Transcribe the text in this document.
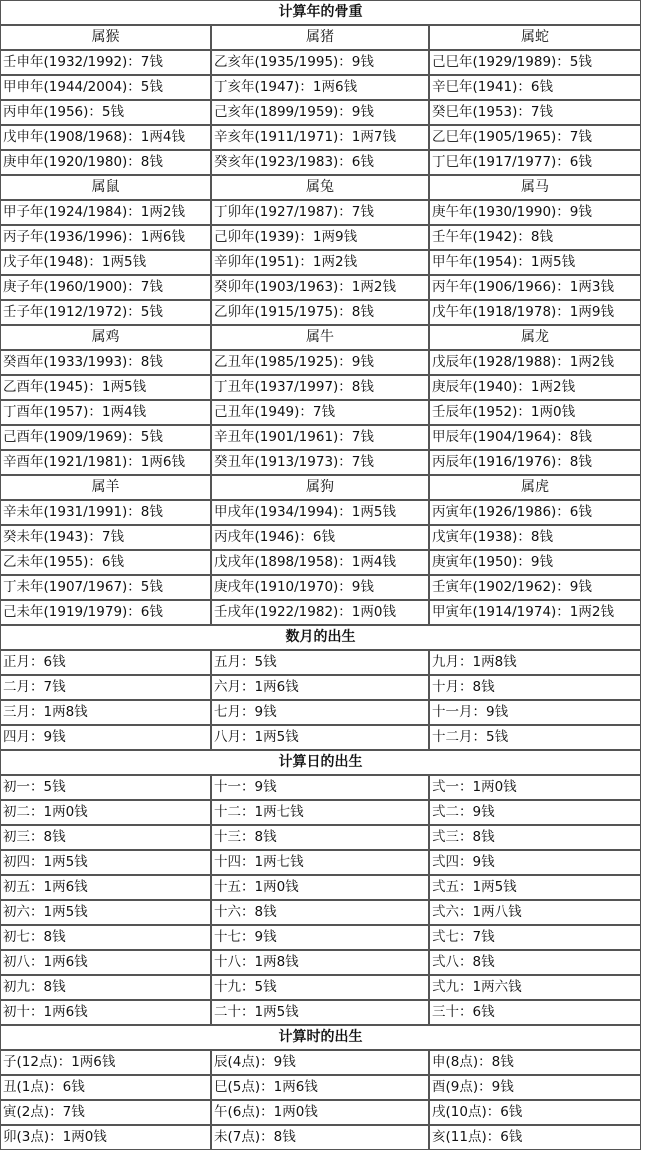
计算年的骨重
属猴	属猪	属蛇
壬申年(1932/1992)：7钱	乙亥年(1935/1995)：9钱	己巳年(1929/1989)：5钱
甲申年(1944/2004)：5钱	丁亥年(1947)：1两6钱	辛巳年(1941)：6钱
丙申年(1956)：5钱	己亥年(1899/1959)：9钱	癸巳年(1953)：7钱
戊申年(1908/1968)：1两4钱	辛亥年(1911/1971)：1两7钱	乙巳年(1905/1965)：7钱
庚申年(1920/1980)：8钱	癸亥年(1923/1983)：6钱	丁巳年(1917/1977)：6钱
属鼠	属兔	属马
甲子年(1924/1984)：1两2钱	丁卯年(1927/1987)：7钱	庚午年(1930/1990)：9钱
丙子年(1936/1996)：1两6钱	己卯年(1939)：1两9钱	壬午年(1942)：8钱
戊子年(1948)：1两5钱	辛卯年(1951)：1两2钱	甲午年(1954)：1两5钱
庚子年(1960/1900)：7钱	癸卯年(1903/1963)：1两2钱	丙午年(1906/1966)：1两3钱
壬子年(1912/1972)：5钱	乙卯年(1915/1975)：8钱	戊午年(1918/1978)：1两9钱
属鸡	属牛	属龙
癸酉年(1933/1993)：8钱	乙丑年(1985/1925)：9钱	戊辰年(1928/1988)：1两2钱
乙酉年(1945)：1两5钱	丁丑年(1937/1997)：8钱	庚辰年(1940)：1两2钱
丁酉年(1957)：1两4钱	己丑年(1949)：7钱	壬辰年(1952)：1两0钱
己酉年(1909/1969)：5钱	辛丑年(1901/1961)：7钱	甲辰年(1904/1964)：8钱
辛酉年(1921/1981)：1两6钱	癸丑年(1913/1973)：7钱	丙辰年(1916/1976)：8钱
属羊	属狗	属虎
辛未年(1931/1991)：8钱	甲戌年(1934/1994)：1两5钱	丙寅年(1926/1986)：6钱
癸未年(1943)：7钱	丙戌年(1946)：6钱	戊寅年(1938)：8钱
乙未年(1955)：6钱	戊戌年(1898/1958)：1两4钱	庚寅年(1950)：9钱
丁未年(1907/1967)：5钱	庚戌年(1910/1970)：9钱	壬寅年(1902/1962)：9钱
己未年(1919/1979)：6钱	壬戌年(1922/1982)：1两0钱	甲寅年(1914/1974)：1两2钱
数月的出生
正月：6钱	五月：5钱	九月：1两8钱
二月：7钱	六月：1两6钱	十月：8钱
三月：1两8钱	七月：9钱	十一月：9钱
四月：9钱	八月：1两5钱	十二月：5钱
计算日的出生
初一：5钱	十一：9钱	弍一：1两0钱
初二：1两0钱	十二：1两七钱	弍二：9钱
初三：8钱	十三：8钱	弍三：8钱
初四：1两5钱	十四：1两七钱	弍四：9钱
初五：1两6钱	十五：1两0钱	弍五：1两5钱
初六：1两5钱	十六：8钱	弍六：1两八钱
初七：8钱	十七：9钱	弍七：7钱
初八：1两6钱	十八：1两8钱	弍八：8钱
初九：8钱	十九：5钱	弍九：1两六钱
初十：1两6钱	二十：1两5钱	三十：6钱
计算时的出生
子(12点)：1两6钱	辰(4点)：9钱	申(8点)：8钱
丑(1点)：6钱	巳(5点)：1两6钱	酉(9点)：9钱
寅(2点)：7钱	午(6点)：1两0钱	戌(10点)：6钱
卯(3点)：1两0钱	未(7点)：8钱	亥(11点)：6钱
